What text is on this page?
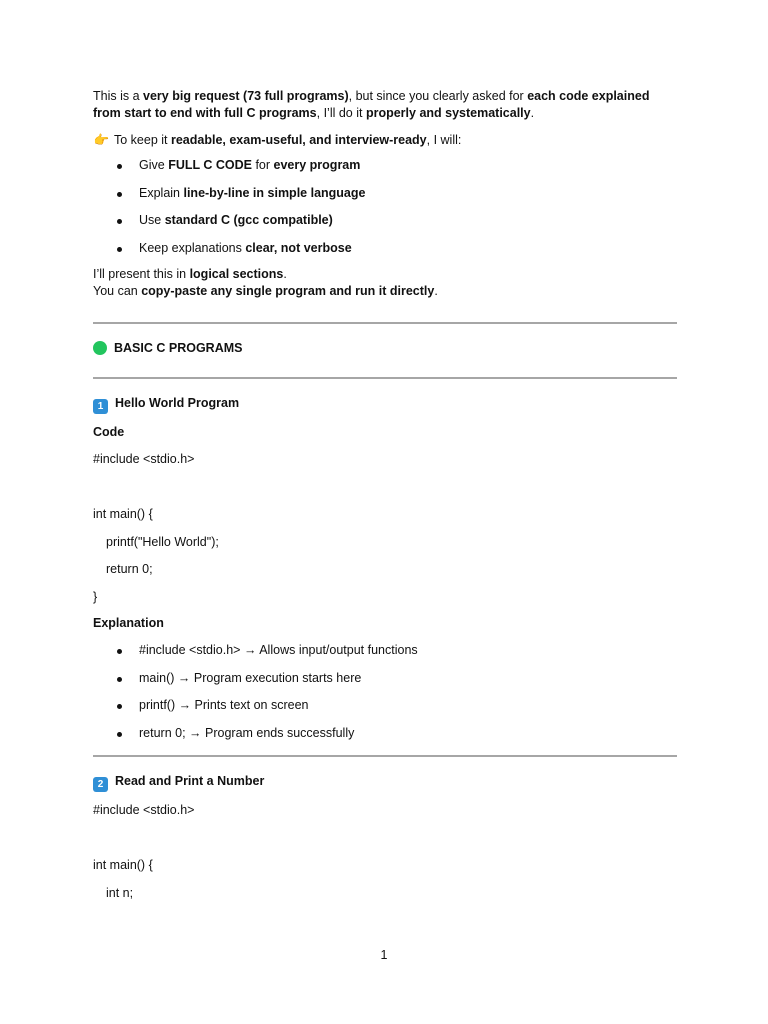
This is a very big request (73 full programs), but since you clearly asked for each code explained from start to end with full C programs, I’ll do it properly and systematically.

👉 To keep it readable, exam-useful, and interview-ready, I will:

Give FULL C CODE for every program
Explain line-by-line in simple language
Use standard C (gcc compatible)
Keep explanations clear, not verbose

I’ll present this in logical sections.

You can copy-paste any single program and run it directly.

BASIC C PROGRAMS

1 Hello World Program

Code

#include <stdio.h>
int main() {
printf("Hello World");
return 0;
}

Explanation

#include <stdio.h> → Allows input/output functions
main() → Program execution starts here
printf() → Prints text on screen
return 0; → Program ends successfully

2 Read and Print a Number

#include <stdio.h>
int main() {
int n;
1
